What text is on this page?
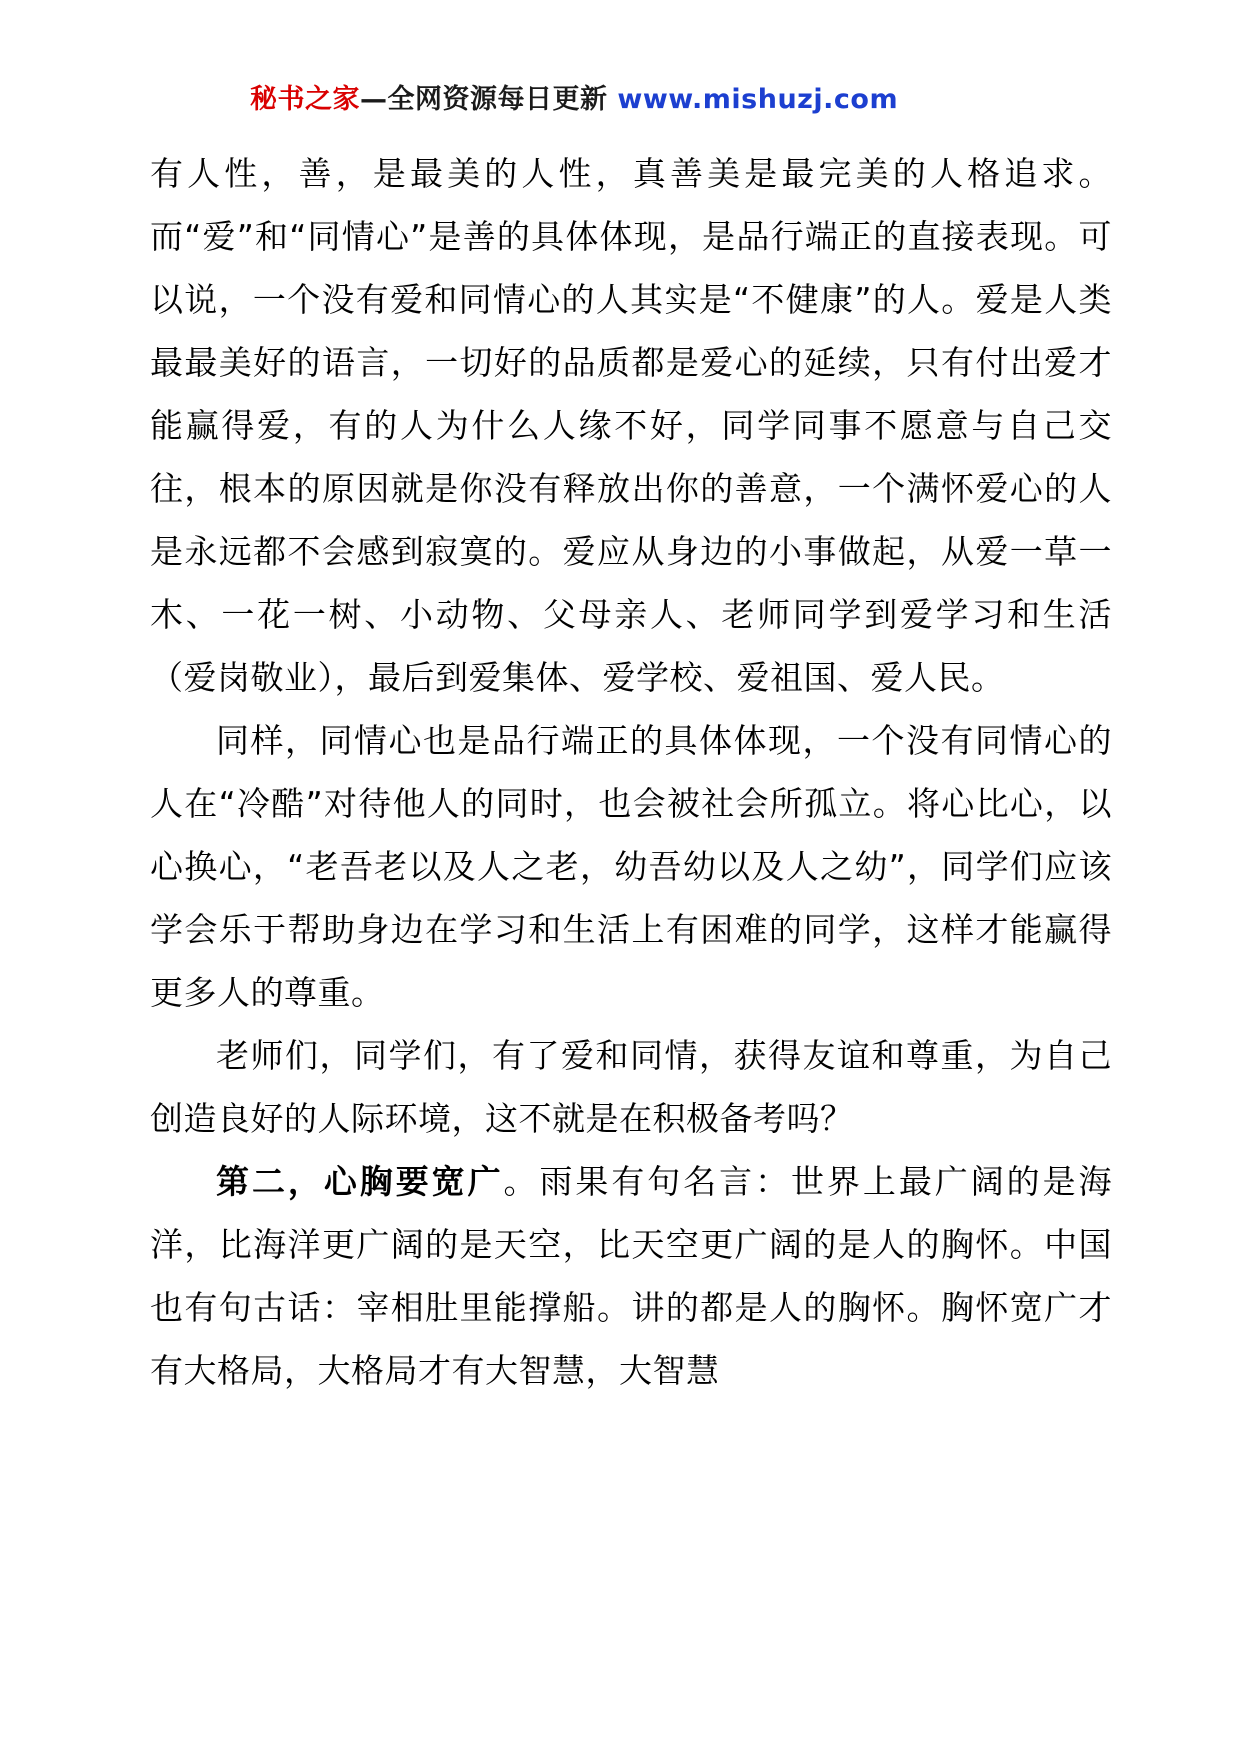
秘书之家—全网资源每日更新 www.mishuzj.com

有人性，善，是最美的人性，真善美是最完美的人格追求。而“爱”和“同情心”是善的具体体现，是品行端正的直接表现。可以说，一个没有爱和同情心的人其实是“不健康”的人。爱是人类最最美好的语言，一切好的品质都是爱心的延续，只有付出爱才能赢得爱，有的人为什么人缘不好，同学同事不愿意与自己交往，根本的原因就是你没有释放出你的善意，一个满怀爱心的人是永远都不会感到寂寞的。爱应从身边的小事做起，从爱一草一木、一花一树、小动物、父母亲人、老师同学到爱学习和生活（爱岗敬业），最后到爱集体、爱学校、爱祖国、爱人民。

同样，同情心也是品行端正的具体体现，一个没有同情心的人在“冷酷”对待他人的同时，也会被社会所孤立。将心比心，以心换心，“老吾老以及人之老，幼吾幼以及人之幼”，同学们应该学会乐于帮助身边在学习和生活上有困难的同学，这样才能赢得更多人的尊重。

老师们，同学们，有了爱和同情，获得友谊和尊重，为自己创造良好的人际环境，这不就是在积极备考吗？

第二，心胸要宽广。雨果有句名言：世界上最广阔的是海洋，比海洋更广阔的是天空，比天空更广阔的是人的胸怀。中国也有句古话：宰相肚里能撑船。讲的都是人的胸怀。胸怀宽广才有大格局，大格局才有大智慧，大智慧
